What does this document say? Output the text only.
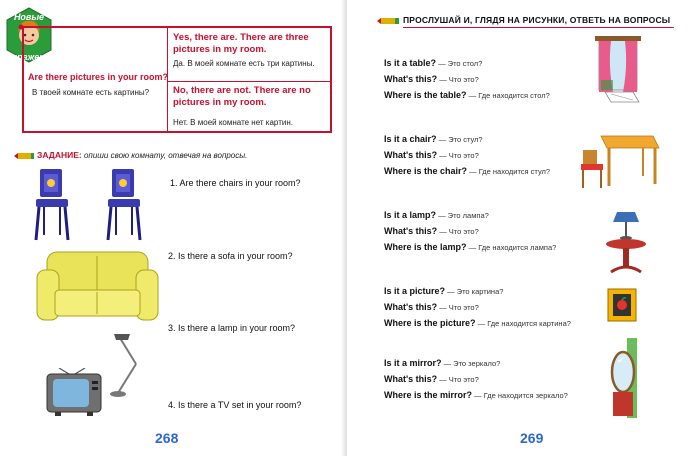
Новые
выражения
Are there pictures in your room?
В твоей комнате есть картины?
Yes, there are. There are three pictures in my room.
Да. В моей комнате есть три картины.
No, there are not. There are no pictures in my room.
Нет. В моей комнате нет картин.
ЗАДАНИЕ: опиши свою комнату, отвечая на вопросы.
1. Are there chairs in your room?
2. Is there a sofa in your room?
3. Is there a lamp in your room?
4. Is there a TV set in your room?
268
ПРОСЛУШАЙ И, ГЛЯДЯ НА РИСУНКИ, ОТВЕТЬ НА ВОПРОСЫ
Is it a table? — Это стол?
What's this? — Что это?
Where is the table? — Где находится стол?
Is it a chair? — Это стул?
What's this? — Что это?
Where is the chair? — Где находится стул?
Is it a lamp? — Это лампа?
What's this? — Что это?
Where is the lamp? — Где находится лампа?
Is it a picture? — Это картина?
What's this? — Что это?
Where is the picture? — Где находится картина?
Is it a mirror? — Это зеркало?
What's this? — Что это?
Where is the mirror? — Где находится зеркало?
269
